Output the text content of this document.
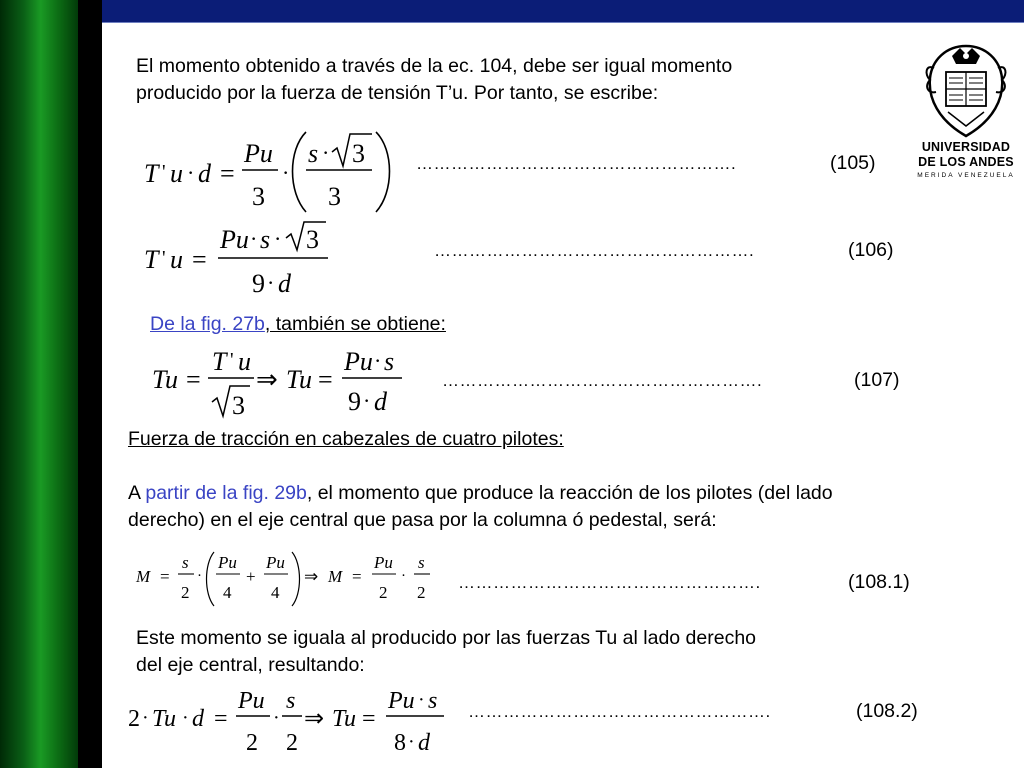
UNIVERSIDAD
DE LOS ANDES
MERIDA VENEZUELA
El momento obtenido a través de la ec. 104, debe ser igual momento
producido por la fuerza de tensión T’u. Por tanto, se escribe:
T ' u · d =
Pu
3
·
s · 3
3
……………………………………………….	(105)
T ' u =
Pu · s · 3
9 · d
……………………………………………….	(106)
De la fig. 27b, también se obtiene:
Tu =
T ' u
3
⇒ Tu =
Pu · s
9 · d
……………………………………………….	(107)
Fuerza de tracción en cabezales de cuatro pilotes:
A partir de la fig. 29b, el momento que produce la reacción de los pilotes (del lado
derecho) en el eje central que pasa por la columna ó pedestal, será:
M =
s
2
·
Pu
4
+
Pu
4
⇒ M =
Pu
2
·
s
2
…………………………………………….	(108.1)
Este momento se iguala al producido por las fuerzas Tu al lado derecho
del eje central, resultando:
2 · Tu · d =
Pu
2
·
s
2
⇒ Tu =
Pu · s
8 · d
…………………………………………….	(108.2)
